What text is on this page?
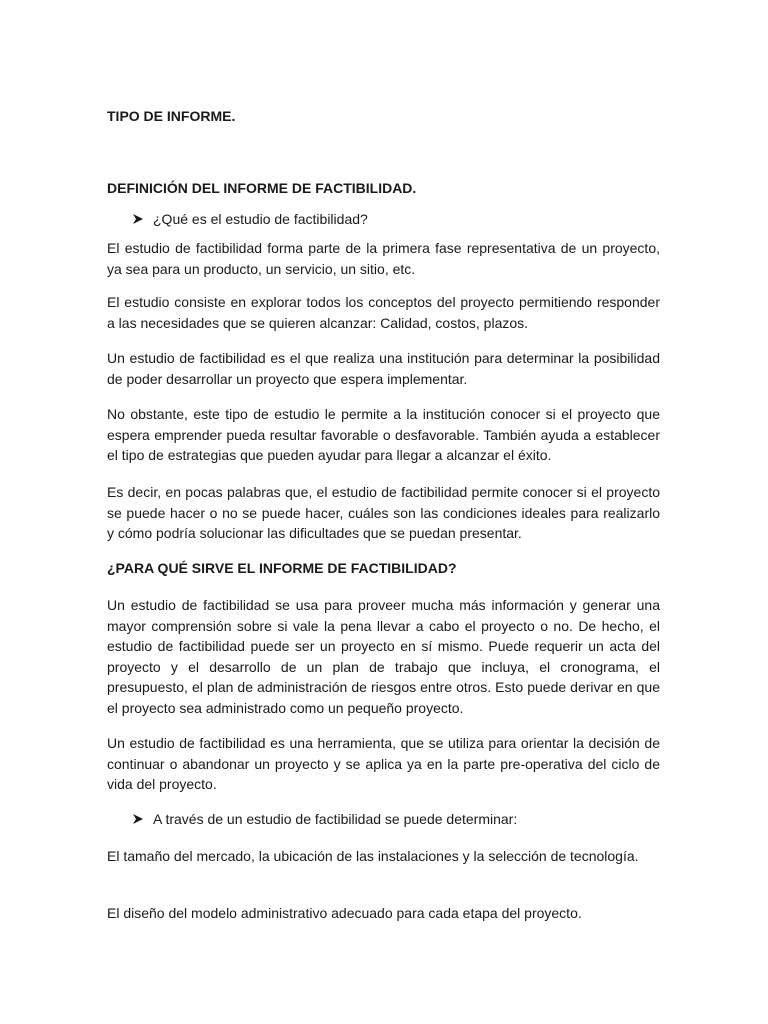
TIPO DE INFORME.
DEFINICIÓN DEL INFORME DE FACTIBILIDAD.
¿Qué es el estudio de factibilidad?

El estudio de factibilidad forma parte de la primera fase representativa de un proyecto, ya sea para un producto, un servicio, un sitio, etc.

El estudio consiste en explorar todos los conceptos del proyecto permitiendo responder a las necesidades que se quieren alcanzar: Calidad, costos, plazos.

Un estudio de factibilidad es el que realiza una institución para determinar la posibilidad de poder desarrollar un proyecto que espera implementar.

No obstante, este tipo de estudio le permite a la institución conocer si el proyecto que espera emprender pueda resultar favorable o desfavorable. También ayuda a establecer el tipo de estrategias que pueden ayudar para llegar a alcanzar el éxito.

Es decir, en pocas palabras que, el estudio de factibilidad permite conocer si el proyecto se puede hacer o no se puede hacer, cuáles son las condiciones ideales para realizarlo y cómo podría solucionar las dificultades que se puedan presentar.

¿PARA QUÉ SIRVE EL INFORME DE FACTIBILIDAD?

Un estudio de factibilidad se usa para proveer mucha más información y generar una mayor comprensión sobre si vale la pena llevar a cabo el proyecto o no. De hecho, el estudio de factibilidad puede ser un proyecto en sí mismo. Puede requerir un acta del proyecto y el desarrollo de un plan de trabajo que incluya, el cronograma, el presupuesto, el plan de administración de riesgos entre otros. Esto puede derivar en que el proyecto sea administrado como un pequeño proyecto.

Un estudio de factibilidad es una herramienta, que se utiliza para orientar la decisión de continuar o abandonar un proyecto y se aplica ya en la parte pre-operativa del ciclo de vida del proyecto.

A través de un estudio de factibilidad se puede determinar:

El tamaño del mercado, la ubicación de las instalaciones y la selección de tecnología.

El diseño del modelo administrativo adecuado para cada etapa del proyecto.
